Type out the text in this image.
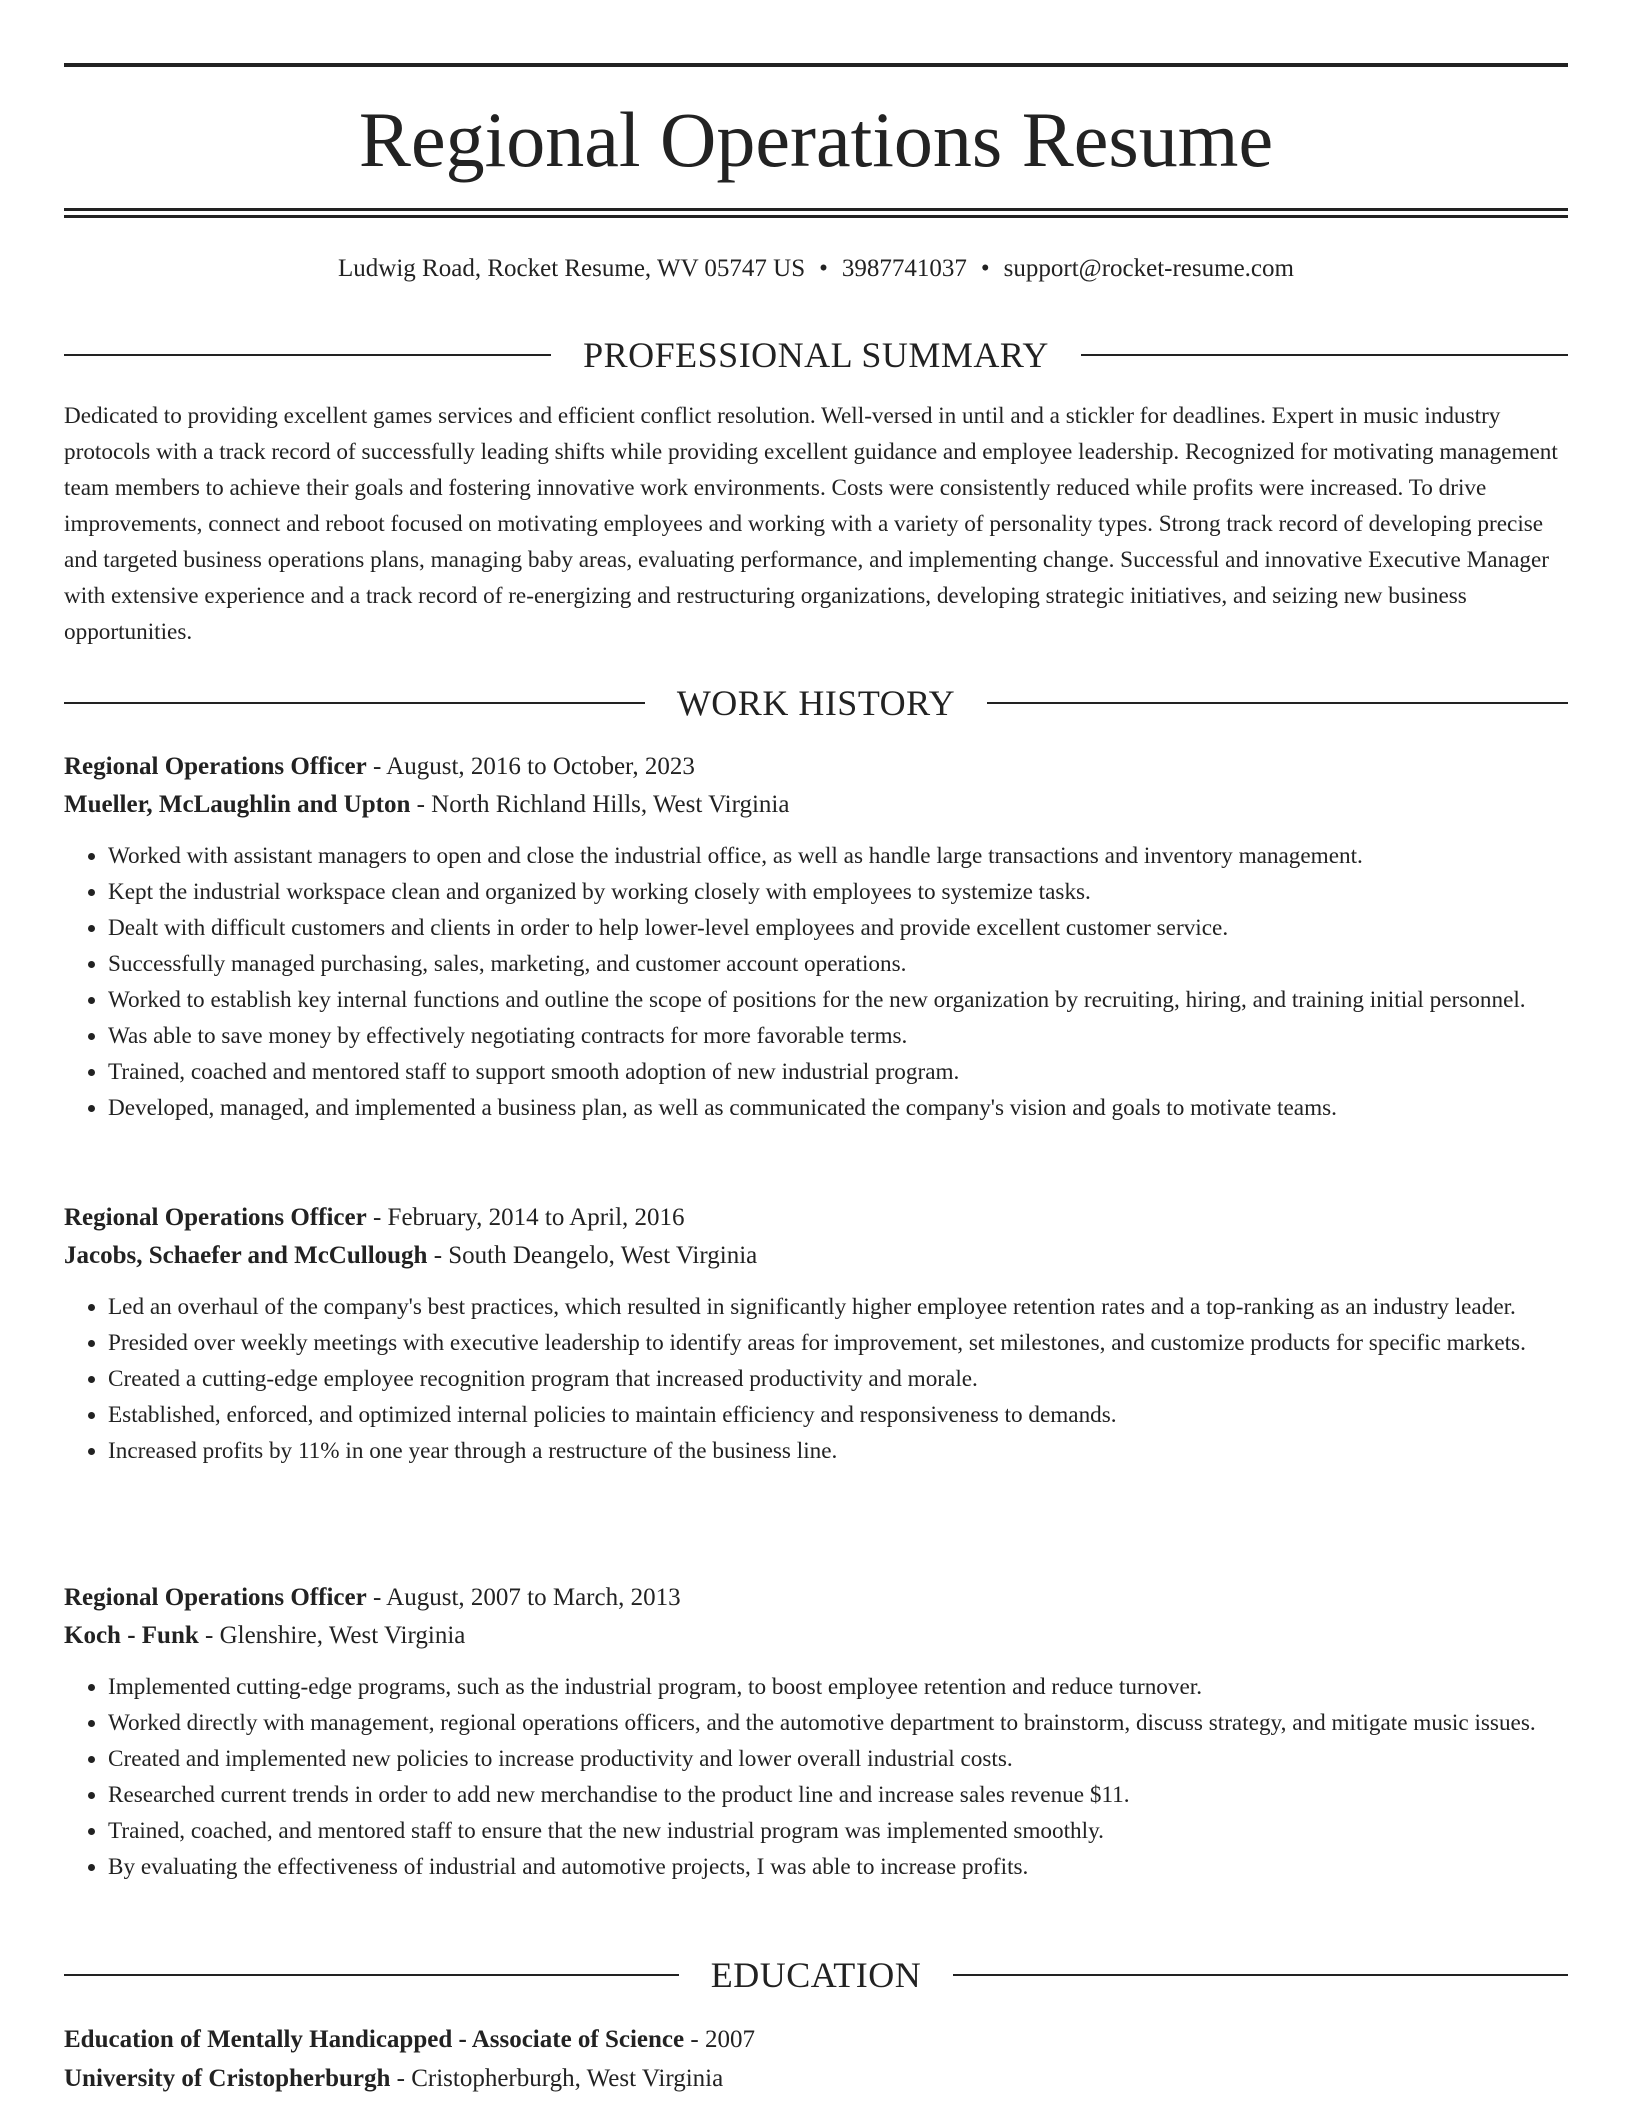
Regional Operations Resume
Ludwig Road, Rocket Resume, WV 05747 US • 3987741037 • support@rocket-resume.com
PROFESSIONAL SUMMARY

Dedicated to providing excellent games services and efficient conflict resolution. Well-versed in until and a stickler for deadlines. Expert in music industry protocols with a track record of successfully leading shifts while providing excellent guidance and employee leadership. Recognized for motivating management team members to achieve their goals and fostering innovative work environments. Costs were consistently reduced while profits were increased. To drive improvements, connect and reboot focused on motivating employees and working with a variety of personality types. Strong track record of developing precise and targeted business operations plans, managing baby areas, evaluating performance, and implementing change. Successful and innovative Executive Manager with extensive experience and a track record of re-energizing and restructuring organizations, developing strategic initiatives, and seizing new business opportunities.

WORK HISTORY
Regional Operations Officer - August, 2016 to October, 2023
Mueller, McLaughlin and Upton - North Richland Hills, West Virginia
• Worked with assistant managers to open and close the industrial office, as well as handle large transactions and inventory management.
• Kept the industrial workspace clean and organized by working closely with employees to systemize tasks.
• Dealt with difficult customers and clients in order to help lower-level employees and provide excellent customer service.
• Successfully managed purchasing, sales, marketing, and customer account operations.
• Worked to establish key internal functions and outline the scope of positions for the new organization by recruiting, hiring, and training initial personnel.
• Was able to save money by effectively negotiating contracts for more favorable terms.
• Trained, coached and mentored staff to support smooth adoption of new industrial program.
• Developed, managed, and implemented a business plan, as well as communicated the company's vision and goals to motivate teams.
Regional Operations Officer - February, 2014 to April, 2016
Jacobs, Schaefer and McCullough - South Deangelo, West Virginia
• Led an overhaul of the company's best practices, which resulted in significantly higher employee retention rates and a top-ranking as an industry leader.
• Presided over weekly meetings with executive leadership to identify areas for improvement, set milestones, and customize products for specific markets.
• Created a cutting-edge employee recognition program that increased productivity and morale.
• Established, enforced, and optimized internal policies to maintain efficiency and responsiveness to demands.
• Increased profits by 11% in one year through a restructure of the business line.
Regional Operations Officer - August, 2007 to March, 2013
Koch - Funk - Glenshire, West Virginia
• Implemented cutting-edge programs, such as the industrial program, to boost employee retention and reduce turnover.
• Worked directly with management, regional operations officers, and the automotive department to brainstorm, discuss strategy, and mitigate music issues.
• Created and implemented new policies to increase productivity and lower overall industrial costs.
• Researched current trends in order to add new merchandise to the product line and increase sales revenue $11.
• Trained, coached, and mentored staff to ensure that the new industrial program was implemented smoothly.
• By evaluating the effectiveness of industrial and automotive projects, I was able to increase profits.
EDUCATION
Education of Mentally Handicapped - Associate of Science - 2007
University of Cristopherburgh - Cristopherburgh, West Virginia
